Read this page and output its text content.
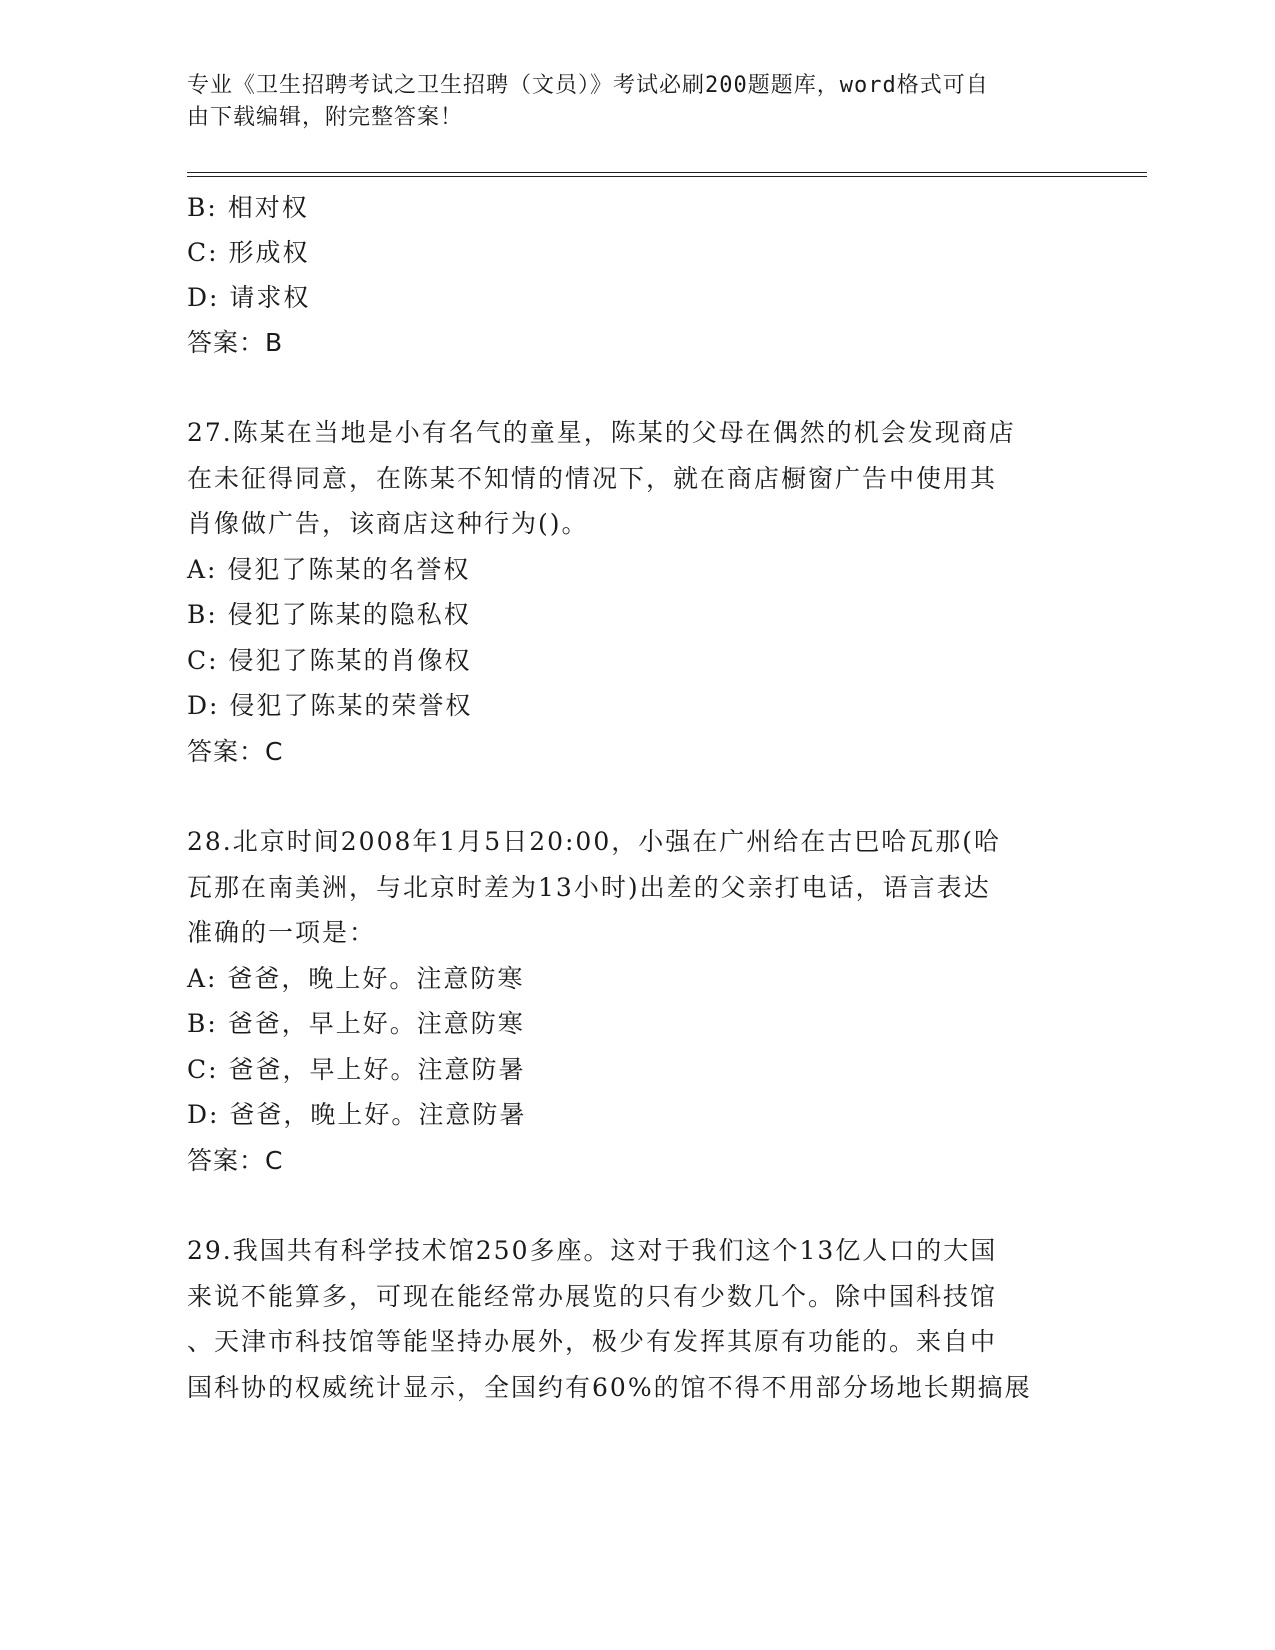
专业《卫生招聘考试之卫生招聘（文员）》考试必刷200题题库，word格式可自
由下载编辑，附完整答案！
B: 相对权
C: 形成权
D: 请求权
答案：B
27.陈某在当地是小有名气的童星，陈某的父母在偶然的机会发现商店
在未征得同意，在陈某不知情的情况下，就在商店橱窗广告中使用其
肖像做广告，该商店这种行为()。
A: 侵犯了陈某的名誉权
B: 侵犯了陈某的隐私权
C: 侵犯了陈某的肖像权
D: 侵犯了陈某的荣誉权
答案：C
28.北京时间2008年1月5日20:00，小强在广州给在古巴哈瓦那(哈
瓦那在南美洲，与北京时差为13小时)出差的父亲打电话，语言表达
准确的一项是：
A: 爸爸，晚上好。注意防寒
B: 爸爸，早上好。注意防寒
C: 爸爸，早上好。注意防暑
D: 爸爸，晚上好。注意防暑
答案：C
29.我国共有科学技术馆250多座。这对于我们这个13亿人口的大国
来说不能算多，可现在能经常办展览的只有少数几个。除中国科技馆
、天津市科技馆等能坚持办展外，极少有发挥其原有功能的。来自中
国科协的权威统计显示，全国约有60%的馆不得不用部分场地长期搞展
